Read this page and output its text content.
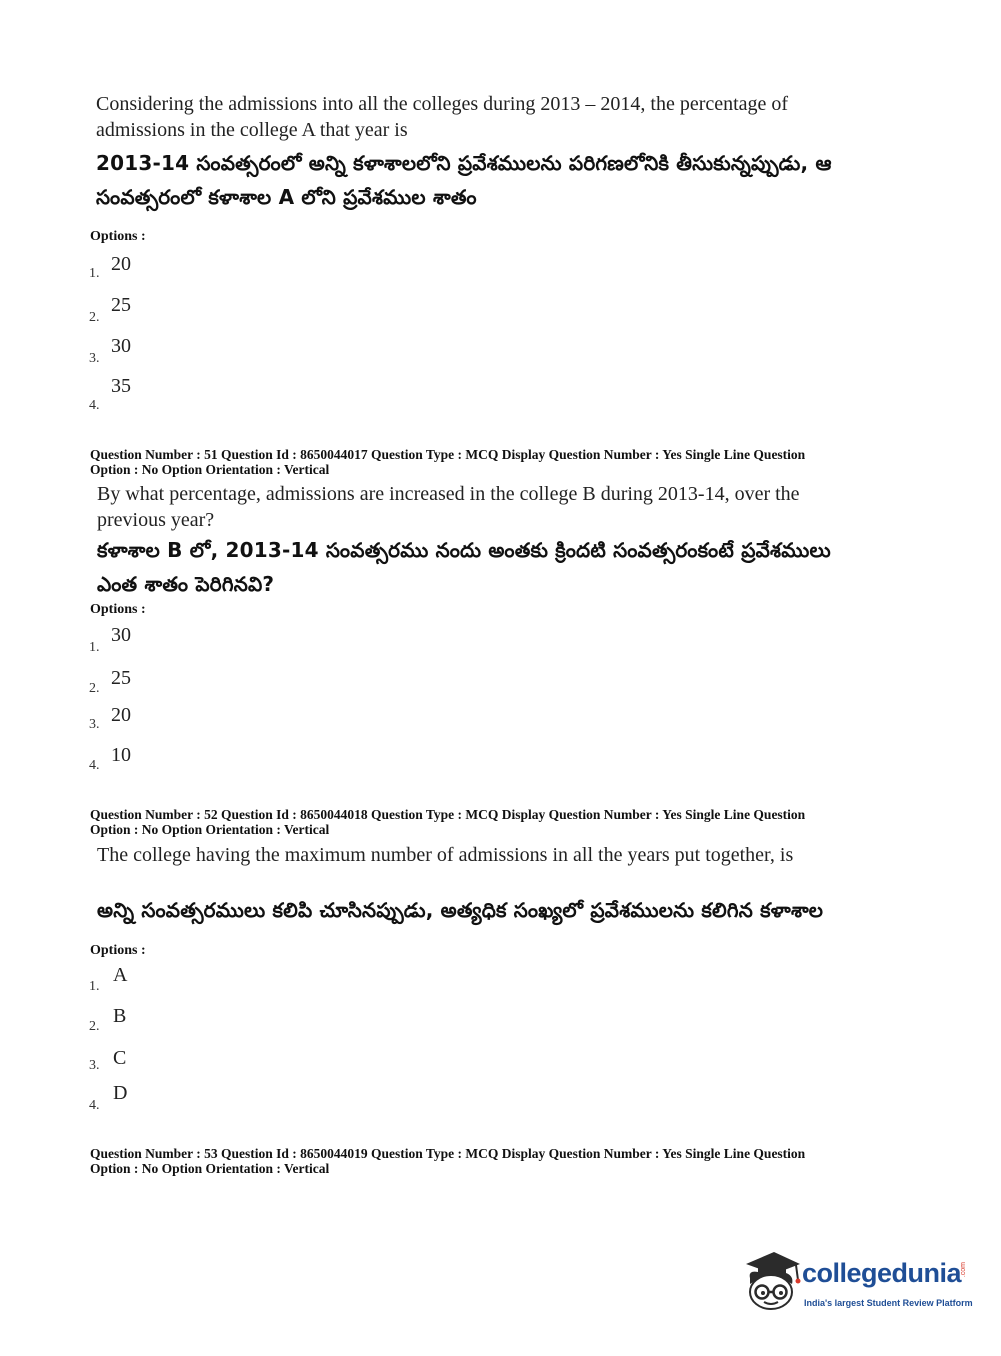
Considering the admissions into all the colleges during 2013 – 2014, the percentage of
admissions in the college A that year is
2013-14 సంవత్సరంలో అన్ని కళాశాలలోని ప్రవేశములను పరిగణలోనికి తీసుకున్నప్పుడు, ఆ
సంవత్సరంలో కళాశాల A లోని ప్రవేశముల శాతం
Options :
1. 20
2.
25
3.
30
4.
35
Question Number : 51 Question Id : 8650044017 Question Type : MCQ Display Question Number : Yes Single Line Question
Option : No Option Orientation : Vertical
By what percentage, admissions are increased in the college B during 2013-14, over the
previous year?
కళాశాల B లో, 2013-14 సంవత్సరము నందు అంతకు క్రిందటి సంవత్సరంకంటే ప్రవేశములు
ఎంత శాతం పెరిగినవి?
Options :
1.
30
2. 25
3. 20
4. 10
Question Number : 52 Question Id : 8650044018 Question Type : MCQ Display Question Number : Yes Single Line Question
Option : No Option Orientation : Vertical
The college having the maximum number of admissions in all the years put together, is
అన్ని సంవత్సరములు కలిపి చూసినప్పుడు, అత్యధిక సంఖ్యలో ప్రవేశములను కలిగిన కళాశాల
Options :
1.
A
2. B
3. C
4.
D
Question Number : 53 Question Id : 8650044019 Question Type : MCQ Display Question Number : Yes Single Line Question
Option : No Option Orientation : Vertical
collegedunia
.com
India's largest Student Review Platform
